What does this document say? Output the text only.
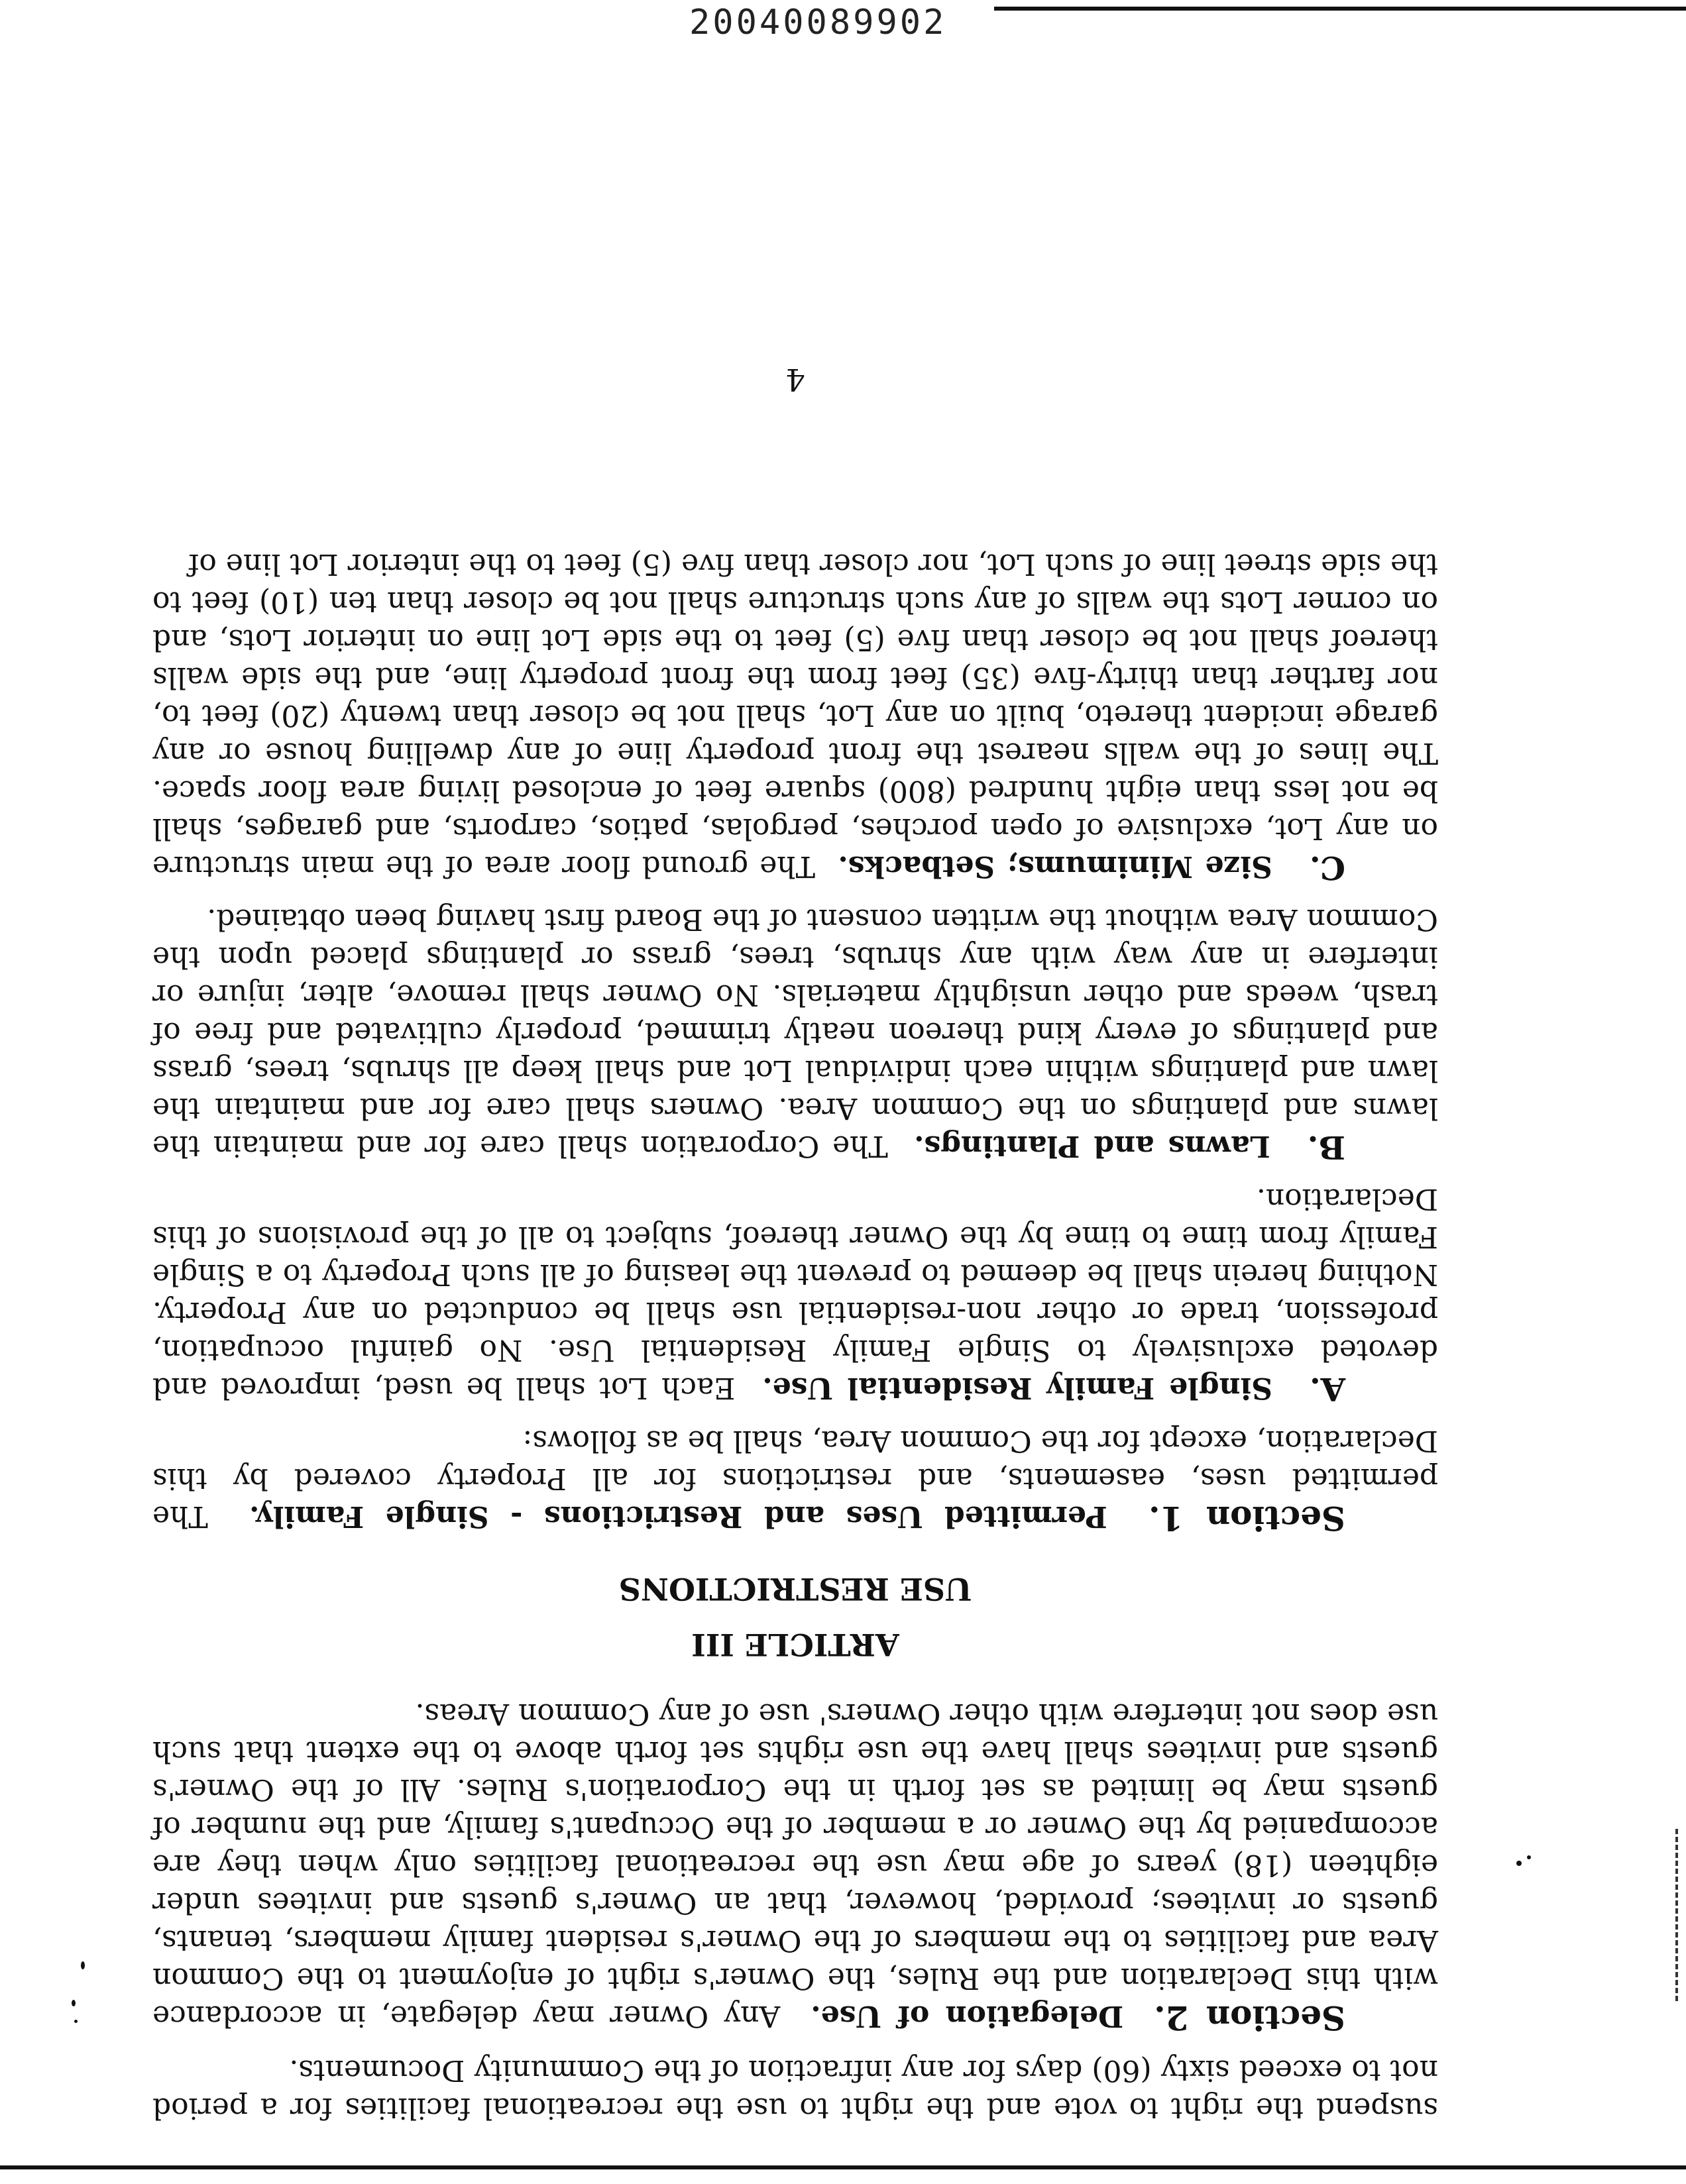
20040089902

suspend the right to vote and the right to use the recreational facilities for a period not to exceed sixty (60) days for any infraction of the Community Documents.

Section 2.  Delegation of Use.  Any Owner may delegate, in accordance with this Declaration and the Rules, the Owner's right of enjoyment to the Common Area and facilities to the members of the Owner's resident family members, tenants, guests or invitees; provided, however, that an Owner's guests and invitees under eighteen (18) years of age may use the recreational facilities only when they are accompanied by the Owner or a member of the Occupant's family, and the number of guests may be limited as set forth in the Corporation's Rules. All of the Owner's guests and invitees shall have the use rights set forth above to the extent that such use does not interfere with other Owners' use of any Common Areas.

ARTICLE III
USE RESTRICTIONS

Section 1.  Permitted Uses and Restrictions - Single Family.  The permitted uses, easements, and restrictions for all Property covered by this Declaration, except for the Common Area, shall be as follows:

A.Single Family Residential Use.  Each Lot shall be used, improved and devoted exclusively to Single Family Residential Use. No gainful occupation, profession, trade or other non-residential use shall be conducted on any Property. Nothing herein shall be deemed to prevent the leasing of all such Property to a Single Family from time to time by the Owner thereof, subject to all of the provisions of this Declaration.

B.Lawns and Plantings.  The Corporation shall care for and maintain the lawns and plantings on the Common Area. Owners shall care for and maintain the lawn and plantings within each individual Lot and shall keep all shrubs, trees, grass and plantings of every kind thereon neatly trimmed, properly cultivated and free of trash, weeds and other unsightly materials. No Owner shall remove, alter, injure or interfere in any way with any shrubs, trees, grass or plantings placed upon the Common Area without the written consent of the Board first having been obtained.

C.Size Minimums; Setbacks.  The ground floor area of the main structure on any Lot, exclusive of open porches, pergolas, patios, carports, and garages, shall be not less than eight hundred (800) square feet of enclosed living area floor space. The lines of the walls nearest the front property line of any dwelling house or any garage incident thereto, built on any Lot, shall not be closer than twenty (20) feet to, nor farther than thirty-five (35) feet from the front property line, and the side walls thereof shall not be closer than five (5) feet to the side Lot line on interior Lots, and on corner Lots the walls of any such structure shall not be closer than ten (10) feet to the side street line of such Lot, nor closer than five (5) feet to the interior Lot line of

4
